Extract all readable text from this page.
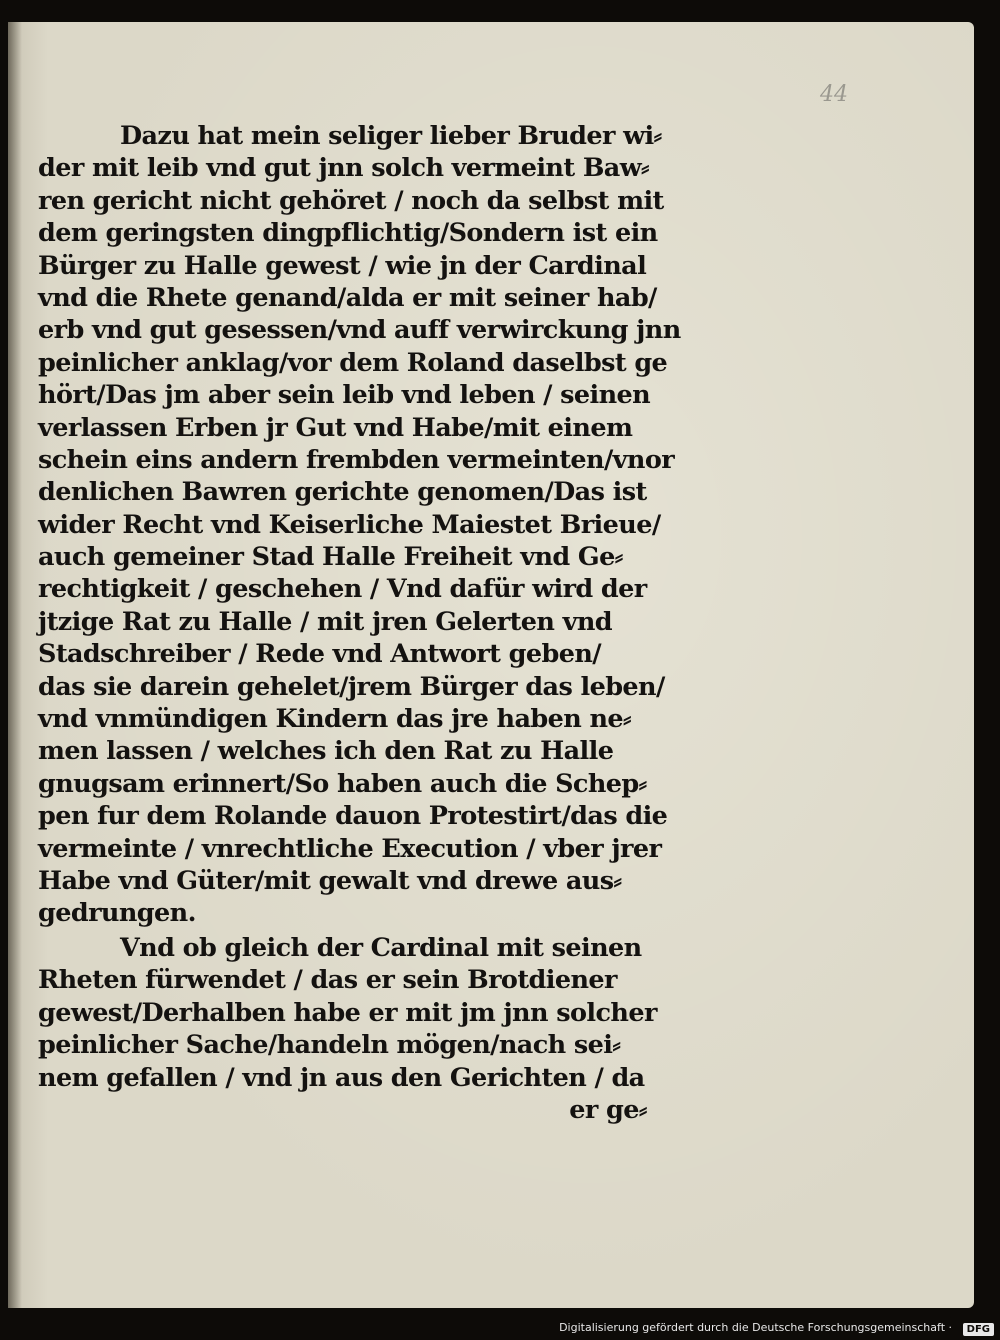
44
Dazu hat mein seliger lieber Bruder wi⸗
der mit leib vnd gut jnn solch vermeint Baw⸗
ren gericht nicht gehöret / noch da selbst mit
dem geringsten dingpflichtig/Sondern ist ein
Bürger zu Halle gewest / wie jn der Cardinal
vnd die Rhete genand/alda er mit seiner hab/
erb vnd gut gesessen/vnd auff verwirckung jnn
peinlicher anklag/vor dem Roland daselbst ge
hört/Das jm aber sein leib vnd leben / seinen
verlassen Erben jr Gut vnd Habe/mit einem
schein eins andern frembden vermeinten/vnor
denlichen Bawren gerichte genomen/Das ist
wider Recht vnd Keiserliche Maiestet Brieue/
auch gemeiner Stad Halle Freiheit vnd Ge⸗
rechtigkeit / geschehen / Vnd dafür wird der
jtzige Rat zu Halle / mit jren Gelerten vnd
Stadschreiber / Rede vnd Antwort geben/
das sie darein gehelet/jrem Bürger das leben/
vnd vnmündigen Kindern das jre haben ne⸗
men lassen / welches ich den Rat zu Halle
gnugsam erinnert/So haben auch die Schep⸗
pen fur dem Rolande dauon Protestirt/das die
vermeinte / vnrechtliche Execution / vber jrer
Habe vnd Güter/mit gewalt vnd drewe aus⸗
gedrungen.
Vnd ob gleich der Cardinal mit seinen
Rheten fürwendet / das er sein Brotdiener
gewest/Derhalben habe er mit jm jnn solcher
peinlicher Sache/handeln mögen/nach sei⸗
nem gefallen / vnd jn aus den Gerichten / da
er ge⸗
Digitalisierung gefördert durch die Deutsche Forschungsgemeinschaft ·	DFG
